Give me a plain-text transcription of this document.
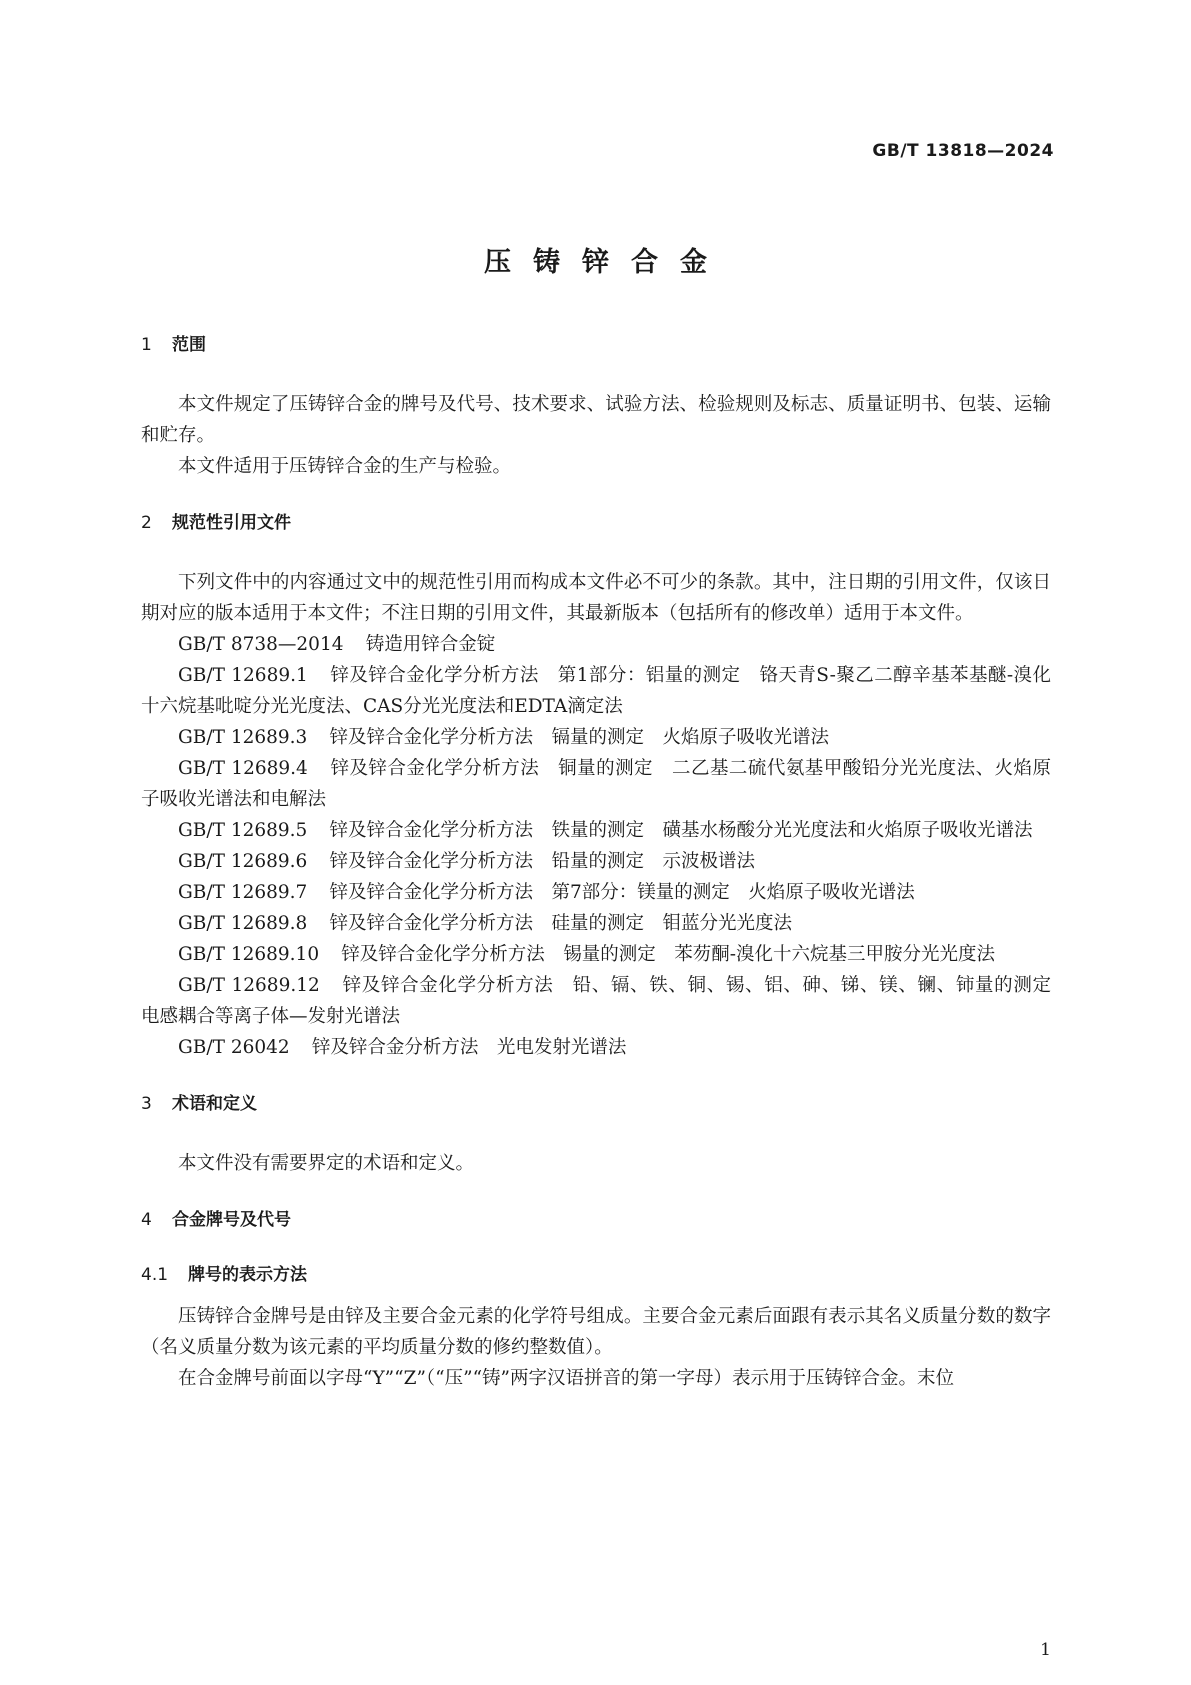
GB/T 13818—2024
压铸锌合金
1 范围

本文件规定了压铸锌合金的牌号及代号、技术要求、试验方法、检验规则及标志、质量证明书、包装、运输和贮存。

本文件适用于压铸锌合金的生产与检验。

2 规范性引用文件

下列文件中的内容通过文中的规范性引用而构成本文件必不可少的条款。其中，注日期的引用文件，仅该日期对应的版本适用于本文件；不注日期的引用文件，其最新版本（包括所有的修改单）适用于本文件。

GB/T 8738—2014 铸造用锌合金锭
GB/T 12689.1 锌及锌合金化学分析方法　第1部分：铝量的测定　铬天青S-聚乙二醇辛基苯基醚-溴化十六烷基吡啶分光光度法、CAS分光光度法和EDTA滴定法
GB/T 12689.3 锌及锌合金化学分析方法　镉量的测定　火焰原子吸收光谱法
GB/T 12689.4 锌及锌合金化学分析方法　铜量的测定　二乙基二硫代氨基甲酸铅分光光度法、火焰原子吸收光谱法和电解法
GB/T 12689.5 锌及锌合金化学分析方法　铁量的测定　磺基水杨酸分光光度法和火焰原子吸收光谱法
GB/T 12689.6 锌及锌合金化学分析方法　铅量的测定　示波极谱法
GB/T 12689.7 锌及锌合金化学分析方法　第7部分：镁量的测定　火焰原子吸收光谱法
GB/T 12689.8 锌及锌合金化学分析方法　硅量的测定　钼蓝分光光度法
GB/T 12689.10 锌及锌合金化学分析方法　锡量的测定　苯芴酮-溴化十六烷基三甲胺分光光度法
GB/T 12689.12 锌及锌合金化学分析方法　铅、镉、铁、铜、锡、铝、砷、锑、镁、镧、铈量的测定　电感耦合等离子体—发射光谱法
GB/T 26042 锌及锌合金分析方法　光电发射光谱法
3 术语和定义

本文件没有需要界定的术语和定义。

4 合金牌号及代号
4.1 牌号的表示方法

压铸锌合金牌号是由锌及主要合金元素的化学符号组成。主要合金元素后面跟有表示其名义质量分数的数字（名义质量分数为该元素的平均质量分数的修约整数值）。

在合金牌号前面以字母“Y”“Z”（“压”“铸”两字汉语拼音的第一字母）表示用于压铸锌合金。末位

1
